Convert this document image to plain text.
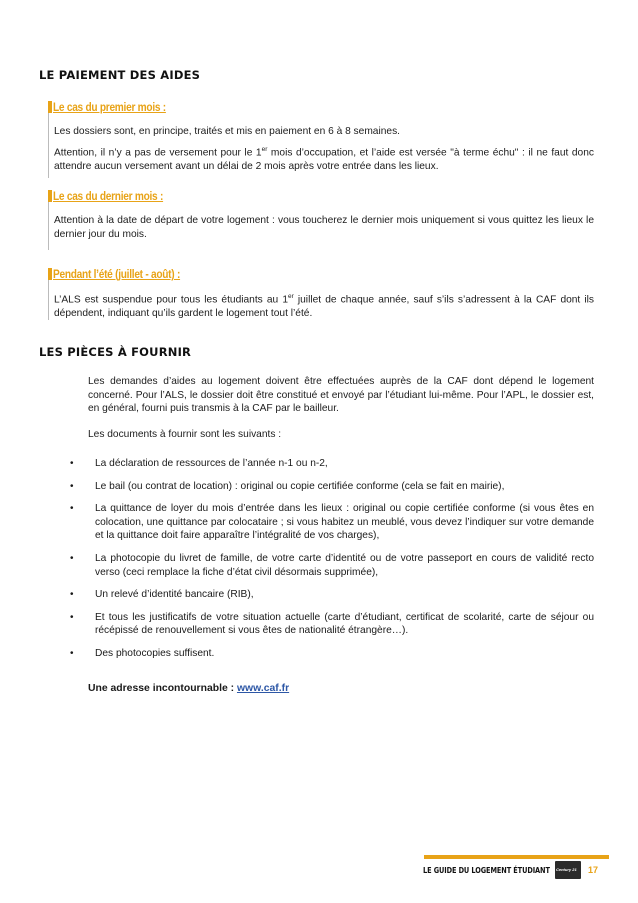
LE PAIEMENT DES AIDES
Le cas du premier mois :

Les dossiers sont, en principe, traités et mis en paiement en 6 à 8 semaines.

Attention, il n’y a pas de versement pour le 1er mois d’occupation, et l’aide est versée "à terme échu" : il ne faut donc attendre aucun versement avant un délai de 2 mois après votre entrée dans les lieux.

Le cas du dernier mois :

Attention à la date de départ de votre logement : vous toucherez le dernier mois uniquement si vous quittez les lieux le dernier jour du mois.

Pendant l’été (juillet - août) :

L’ALS est suspendue pour tous les étudiants au 1er juillet de chaque année, sauf s’ils s’adressent à la CAF dont ils dépendent, indiquant qu’ils gardent le logement tout l’été.

LES PIÈCES À FOURNIR

Les demandes d’aides au logement doivent être effectuées auprès de la CAF dont dépend le logement concerné. Pour l’ALS, le dossier doit être constitué et envoyé par l’étudiant lui-même. Pour l’APL, le dossier est, en général, fourni puis transmis à la CAF par le bailleur.

Les documents à fournir sont les suivants :

• La déclaration de ressources de l’année n-1 ou n-2,
• Le bail (ou contrat de location) : original ou copie certifiée conforme (cela se fait en mairie),
• La quittance de loyer du mois d’entrée dans les lieux : original ou copie certifiée conforme (si vous êtes en colocation, une quittance par colocataire ; si vous habitez un meublé, vous devez l’indiquer sur votre demande et la quittance doit faire apparaître l’intégralité de vos charges),
• La photocopie du livret de famille, de votre carte d’identité ou de votre passeport en cours de validité recto verso (ceci remplace la fiche d’état civil désormais supprimée),
• Un relevé d’identité bancaire (RIB),
• Et tous les justificatifs de votre situation actuelle (carte d’étudiant, certificat de scolarité, carte de séjour ou récépissé de renouvellement si vous êtes de nationalité étrangère…).
• Des photocopies suffisent.
Une adresse incontournable : www.caf.fr
LE GUIDE DU LOGEMENT ÉTUDIANT Century 21 17
